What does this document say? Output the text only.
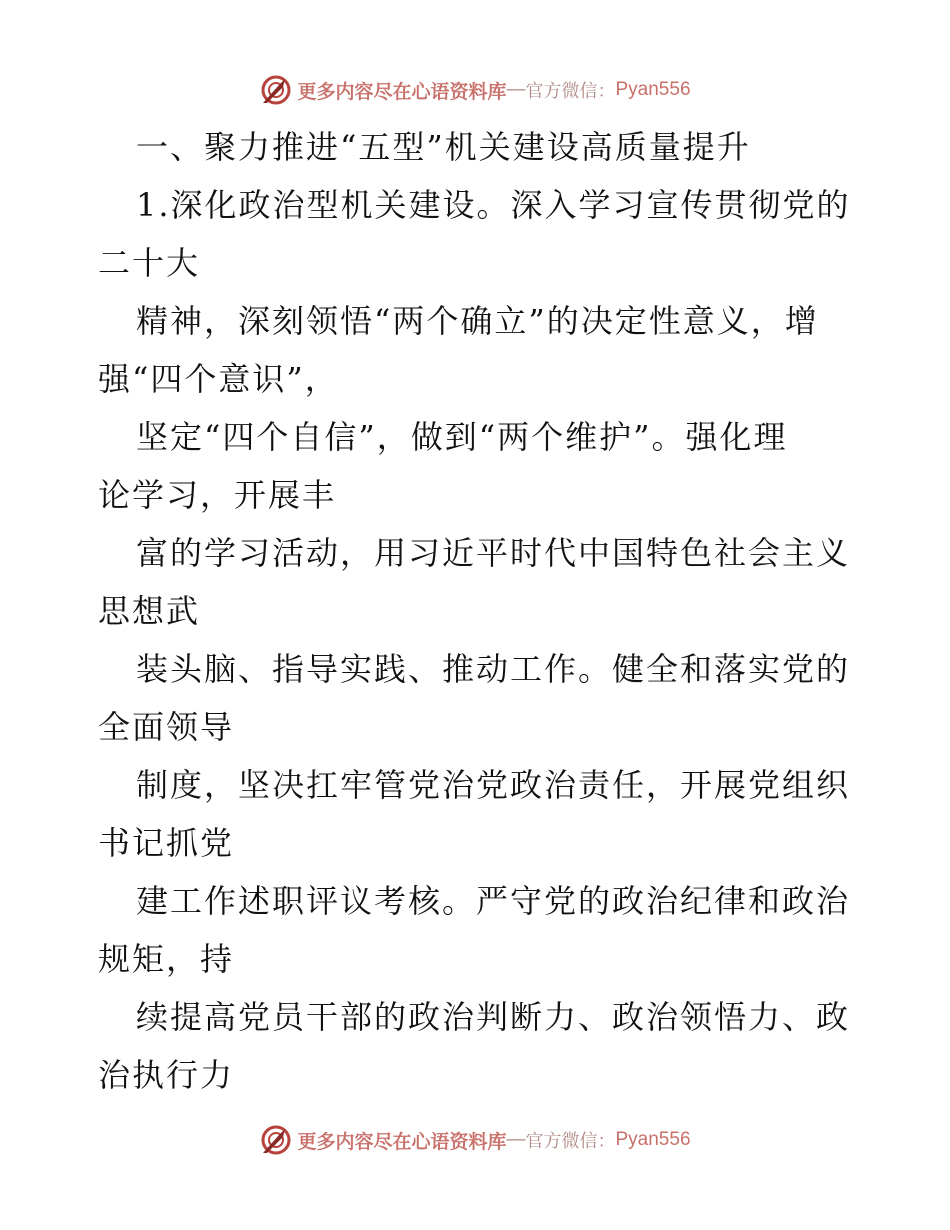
更多内容尽在心语资料库 — 官方微信： Pyan556
一、聚力推进“五型”机关建设高质量提升
1.深化政治型机关建设。深入学习宣传贯彻党的
二十大
精神，深刻领悟“两个确立”的决定性意义，增
强“四个意识”，
坚定“四个自信”，做到“两个维护”。强化理
论学习，开展丰
富的学习活动，用习近平时代中国特色社会主义
思想武
装头脑、指导实践、推动工作。健全和落实党的
全面领导
制度，坚决扛牢管党治党政治责任，开展党组织
书记抓党
建工作述职评议考核。严守党的政治纪律和政治
规矩，持
续提高党员干部的政治判断力、政治领悟力、政
治执行力
更多内容尽在心语资料库 — 官方微信： Pyan556
